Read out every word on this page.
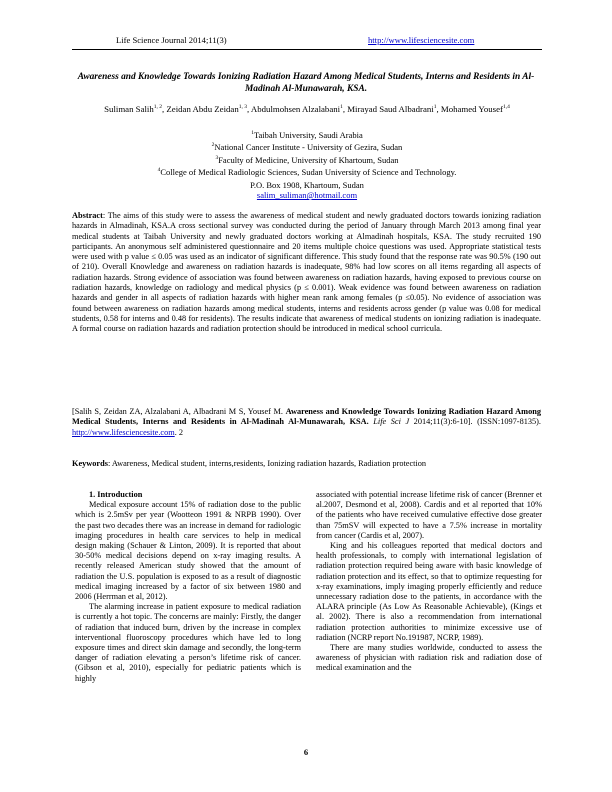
Life Science Journal 2014;11(3)	http://www.lifesciencesite.com
Awareness and Knowledge Towards Ionizing Radiation Hazard Among Medical Students, Interns and Residents in Al-Madinah Al-Munawarah, KSA.
Suliman Salih$^{1, 2}$, Zeidan Abdu Zeidan$^{1, 3}$, Abdulmohsen Alzalabani$^1$, Mirayad Saud Albadrani$^1$, Mohamed Yousef$^{1,4}$
$^1$Taibah University, Saudi Arabia
$^2$National Cancer Institute - University of Gezira, Sudan
$^3$Faculty of Medicine, University of Khartoum, Sudan
$^4$College of Medical Radiologic Sciences, Sudan University of Science and Technology.
P.O. Box 1908, Khartoum, Sudan
salim_suliman@hotmail.com
Abstract: The aims of this study were to assess the awareness of medical student and newly graduated doctors towards ionizing radiation hazards in Almadinah, KSA.A cross sectional survey was conducted during the period of January through March 2013 among final year medical students at Taibah University and newly graduated doctors working at Almadinah hospitals, KSA. The study recruited 190 participants. An anonymous self administered questionnaire and 20 items multiple choice questions was used. Appropriate statistical tests were used with p value ≤ 0.05 was used as an indicator of significant difference. This study found that the response rate was 90.5% (190 out of 210). Overall Knowledge and awareness on radiation hazards is inadequate, 98% had low scores on all items regarding all aspects of radiation hazards. Strong evidence of association was found between awareness on radiation hazards, having exposed to previous course on radiation hazards, knowledge on radiology and medical physics (p ≤ 0.001). Weak evidence was found between awareness on radiation hazards and gender in all aspects of radiation hazards with higher mean rank among females (p ≤0.05). No evidence of association was found between awareness on radiation hazards among medical students, interns and residents across gender (p value was 0.08 for medical students, 0.58 for interns and 0.48 for residents). The results indicate that awareness of medical students on ionizing radiation is inadequate. A formal course on radiation hazards and radiation protection should be introduced in medical school curricula.
[Salih S, Zeidan ZA, Alzalabani A, Albadrani M S, Yousef M. Awareness and Knowledge Towards Ionizing Radiation Hazard Among Medical Students, Interns and Residents in Al-Madinah Al-Munawarah, KSA. Life Sci J 2014;11(3):6-10]. (ISSN:1097-8135). http://www.lifesciencesite.com. 2
Keywords: Awareness, Medical student, interns,residents, Ionizing radiation hazards, Radiation protection

1. Introduction

Medical exposure account 15% of radiation dose to the public which is 2.5mSv per year (Wootteon 1991 & NRPB 1990). Over the past two decades there was an increase in demand for radiologic imaging procedures in health care services to help in medical design making (Schauer & Linton, 2009). It is reported that about 30-50% medical decisions depend on x-ray imaging results. A recently released American study showed that the amount of radiation the U.S. population is exposed to as a result of diagnostic medical imaging increased by a factor of six between 1980 and 2006 (Herrman et al, 2012).

The alarming increase in patient exposure to medical radiation is currently a hot topic. The concerns are mainly: Firstly, the danger of radiation that induced burn, driven by the increase in complex interventional fluoroscopy procedures which have led to long exposure times and direct skin damage and secondly, the long-term danger of radiation elevating a person’s lifetime risk of cancer. (Gibson et al, 2010), especially for pediatric patients which is highly

associated with potential increase lifetime risk of cancer (Brenner et al.2007, Desmond et al, 2008). Cardis and et al reported that 10% of the patients who have received cumulative effective dose greater than 75mSV will expected to have a 7.5% increase in mortality from cancer (Cardis et al, 2007).

King and his colleagues reported that medical doctors and health professionals, to comply with international legislation of radiation protection required being aware with basic knowledge of radiation protection and its effect, so that to optimize requesting for x-ray examinations, imply imaging properly efficiently and reduce unnecessary radiation dose to the patients, in accordance with the ALARA principle (As Low As Reasonable Achievable), (Kings et al. 2002). There is also a recommendation from international radiation protection authorities to minimize excessive use of radiation (NCRP report No.191987, NCRP, 1989).

There are many studies worldwide, conducted to assess the awareness of physician with radiation risk and radiation dose of medical examination and the

6
